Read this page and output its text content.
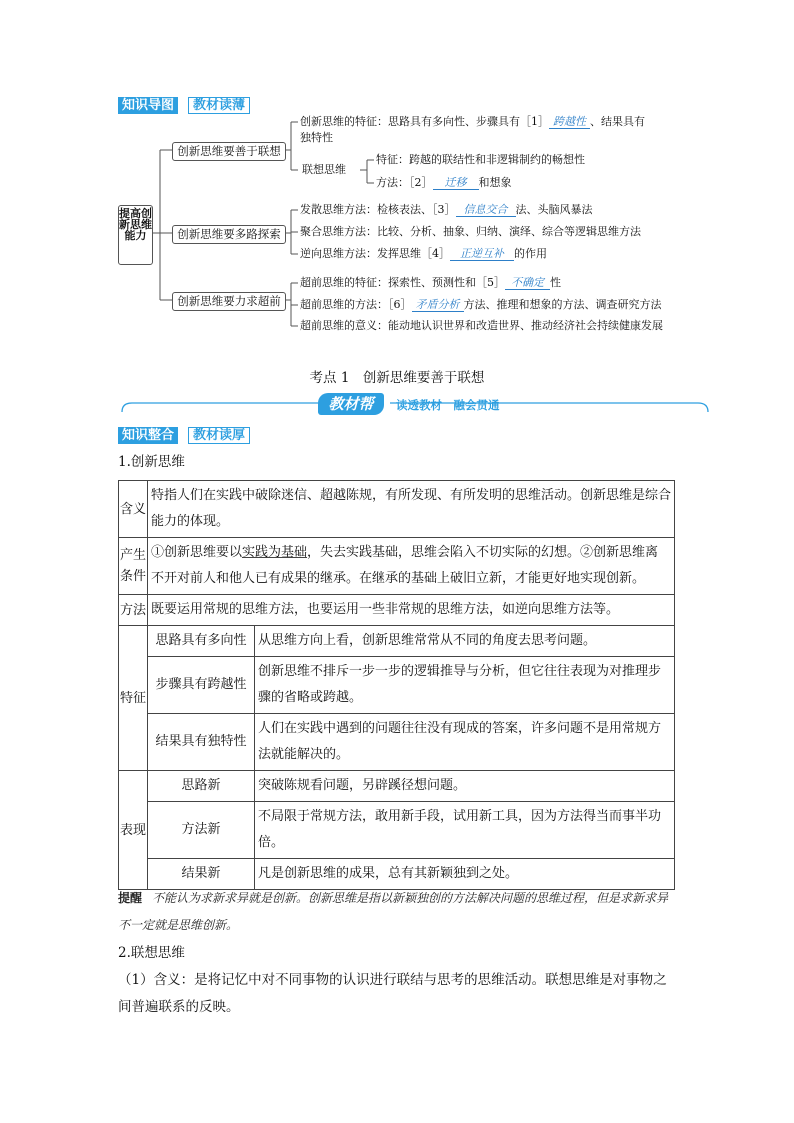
知识导图	教材读薄
提高创新思维能力
创新思维要善于联想
创新思维要多路探索
创新思维要力求超前
创新思维的特征：思路具有多向性、步骤具有［1］ 跨越性 、结果具有
独特性
联想思维
特征：跨越的联结性和非逻辑制约的畅想性
方法：［2］ 迁移 和想象
发散思维方法：检核表法、［3］ 信息交合 法、头脑风暴法
聚合思维方法：比较、分析、抽象、归纳、演绎、综合等逻辑思维方法
逆向思维方法：发挥思维［4］ 正逆互补 的作用
超前思维的特征：探索性、预测性和［5］ 不确定 性
超前思维的方法：［6］ 矛盾分析 方法、推理和想象的方法、调查研究方法
超前思维的意义：能动地认识世界和改造世界、推动经济社会持续健康发展
考点 1　创新思维要善于联想
教材帮	读透教材　融会贯通
知识整合	教材读厚
1.创新思维
含义	特指人们在实践中破除迷信、超越陈规，有所发现、有所发明的思维活动。创新思维是综合能力的体现。	
产生条件	①创新思维要以实践为基础，失去实践基础，思维会陷入不切实际的幻想。②创新思维离不开对前人和他人已有成果的继承。在继承的基础上破旧立新，才能更好地实现创新。	
方法	既要运用常规的思维方法，也要运用一些非常规的思维方法，如逆向思维方法等。	
特征	思路具有多向性	从思维方向上看，创新思维常常从不同的角度去思考问题。
	步骤具有跨越性	创新思维不排斥一步一步的逻辑推导与分析，但它往往表现为对推理步骤的省略或跨越。
	结果具有独特性	人们在实践中遇到的问题往往没有现成的答案，许多问题不是用常规方法就能解决的。
表现	思路新	突破陈规看问题，另辟蹊径想问题。
	方法新	不局限于常规方法，敢用新手段，试用新工具，因为方法得当而事半功倍。
	结果新	凡是创新思维的成果，总有其新颖独到之处。
提醒 不能认为求新求异就是创新。创新思维是指以新颖独创的方法解决问题的思维过程，但是求新求异不一定就是思维创新。
2.联想思维
（1）含义：是将记忆中对不同事物的认识进行联结与思考的思维活动。联想思维是对事物之间普遍联系的反映。
